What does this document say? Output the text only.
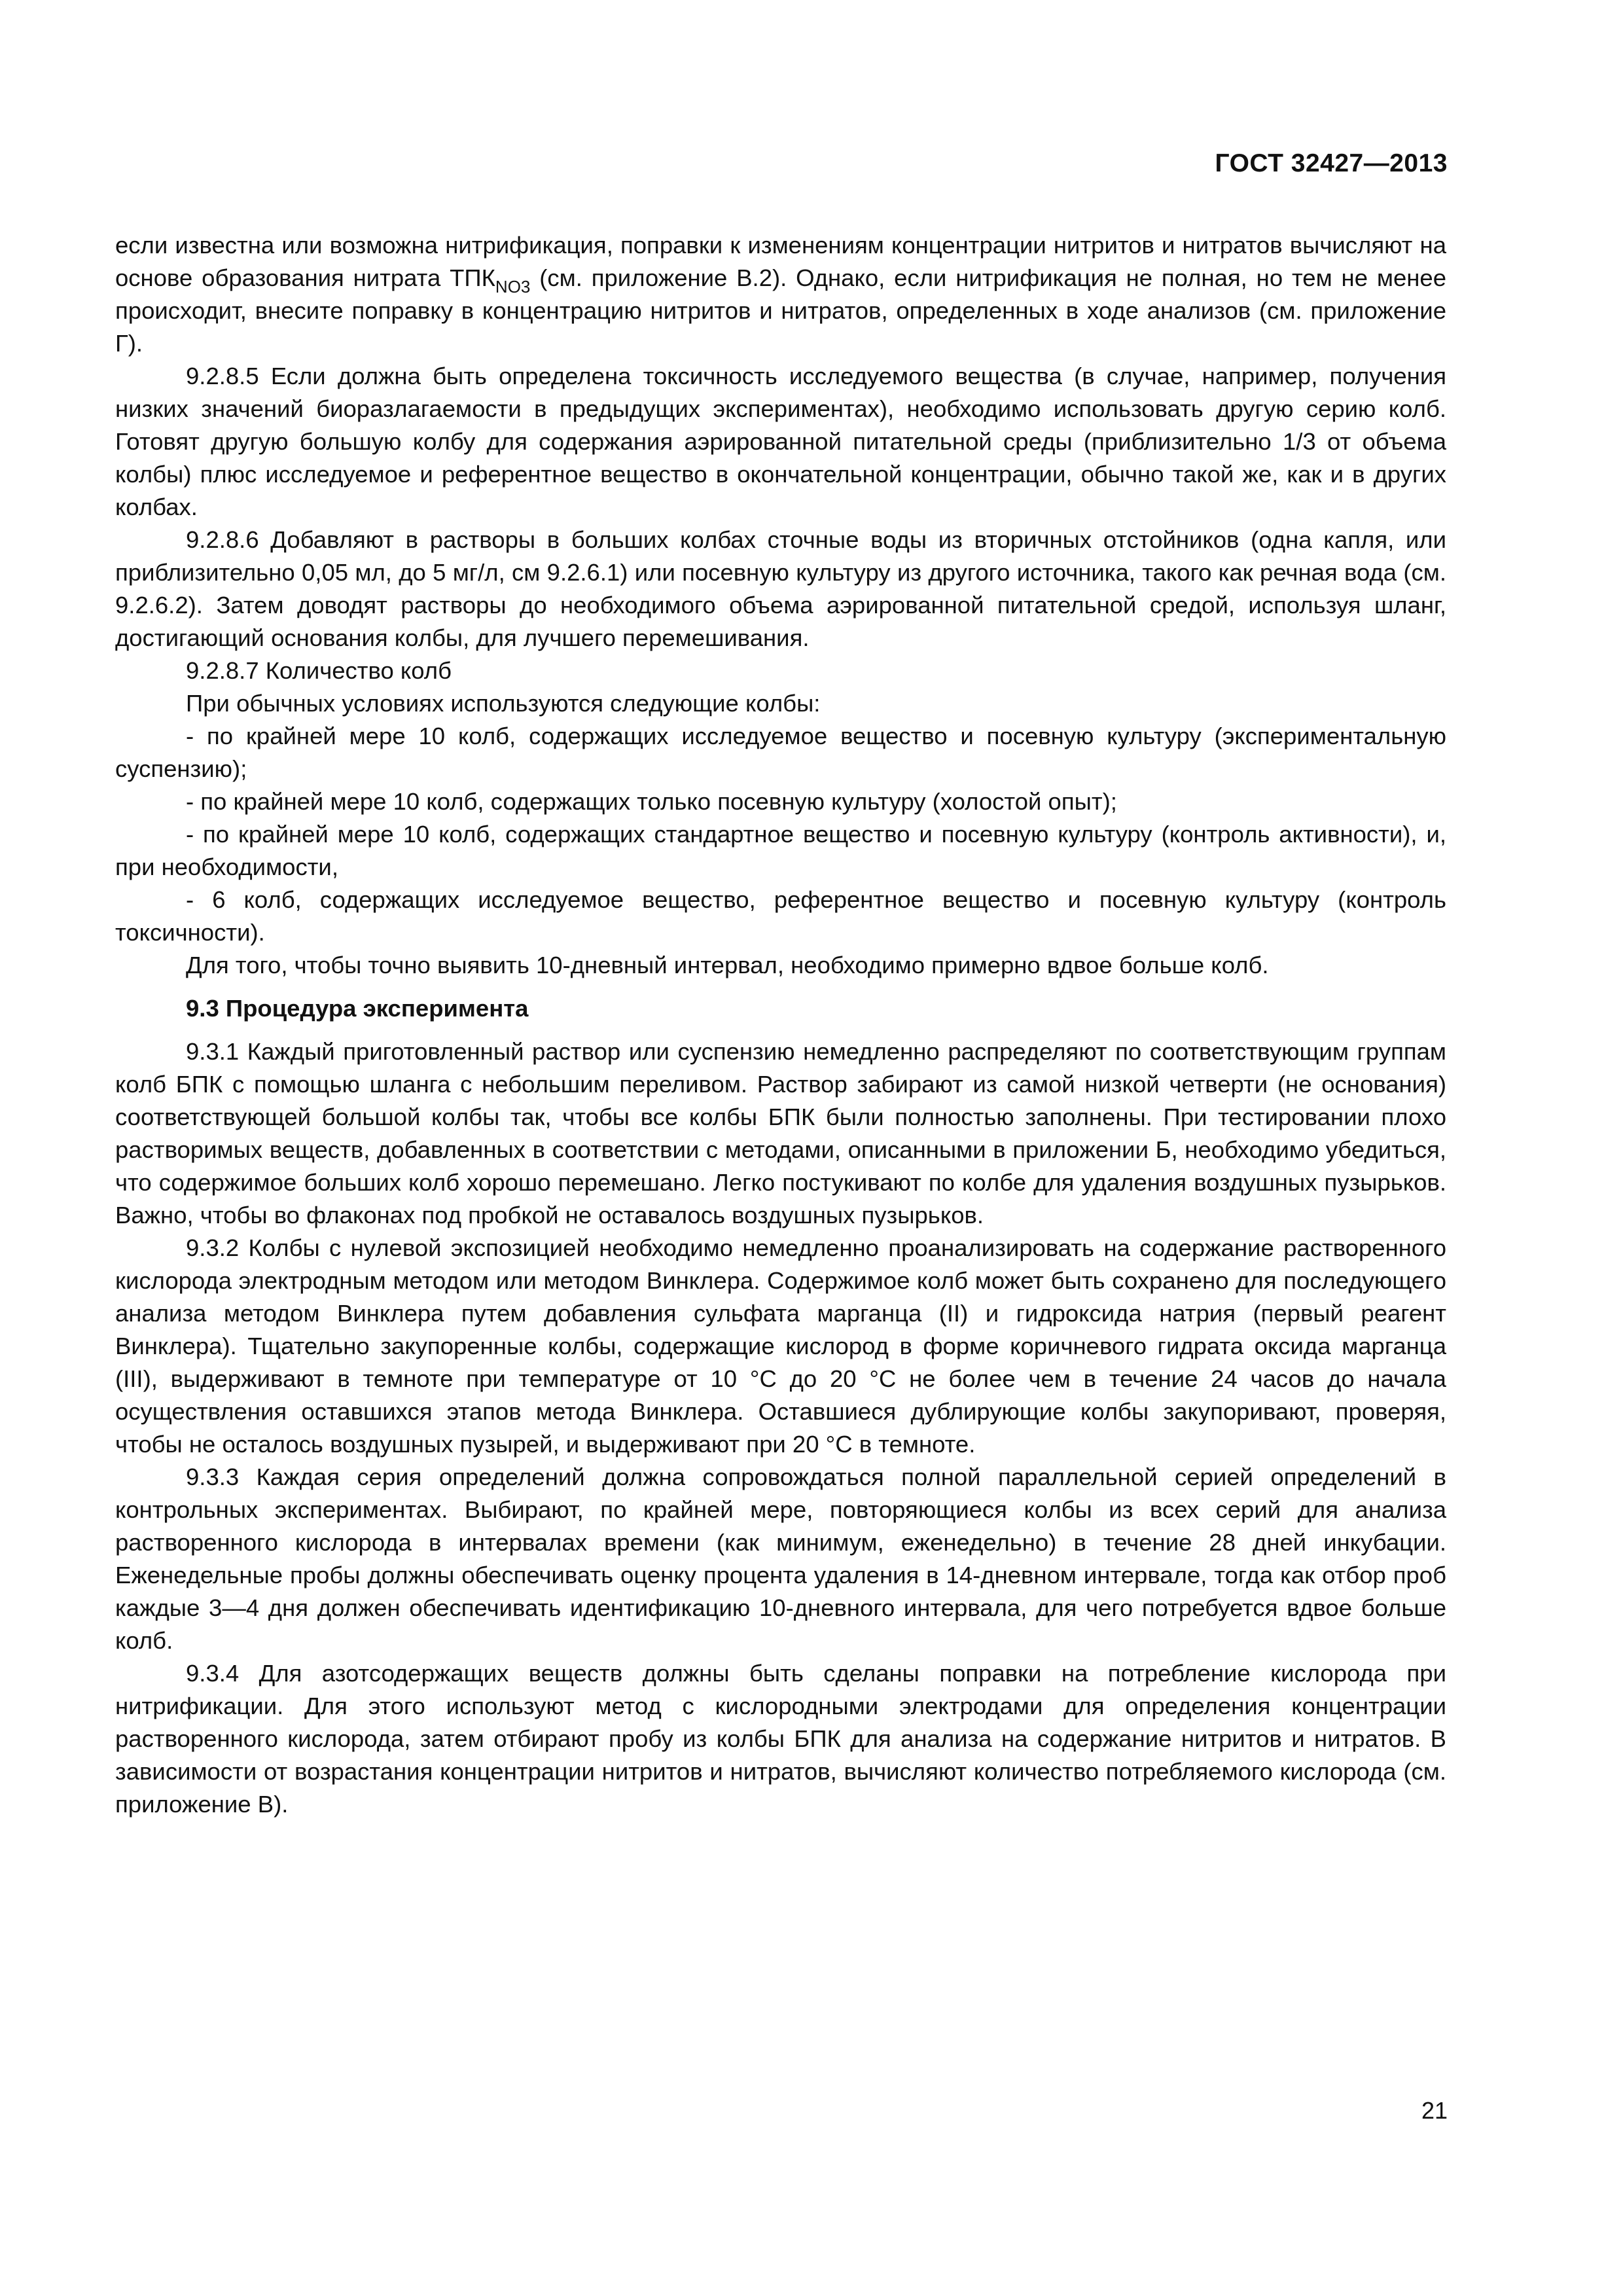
ГОСТ 32427—2013

если известна или возможна нитрификация, поправки к изменениям концентрации нитритов и нитратов вычисляют на основе образования нитрата $ТПК_{NO3}$ (см. приложение В.2). Однако, если нитрификация не полная, но тем не менее происходит, внесите поправку в концентрацию нитритов и нитратов, определенных в ходе анализов (см. приложение Г).

9.2.8.5 Если должна быть определена токсичность исследуемого вещества (в случае, например, получения низких значений биоразлагаемости в предыдущих экспериментах), необходимо использовать другую серию колб. Готовят другую большую колбу для содержания аэрированной питательной среды (приблизительно 1/3 от объема колбы) плюс исследуемое и референтное вещество в окончательной концентрации, обычно такой же, как и в других колбах.

9.2.8.6 Добавляют в растворы в больших колбах сточные воды из вторичных отстойников (одна капля, или приблизительно 0,05 мл, до 5 мг/л, см 9.2.6.1) или посевную культуру из другого источника, такого как речная вода (см. 9.2.6.2). Затем доводят растворы до необходимого объема аэрированной питательной средой, используя шланг, достигающий основания колбы, для лучшего перемешивания.

9.2.8.7 Количество колб

При обычных условиях используются следующие колбы:

- по крайней мере 10 колб, содержащих исследуемое вещество и посевную культуру (экспериментальную суспензию);

- по крайней мере 10 колб, содержащих только посевную культуру (холостой опыт);

- по крайней мере 10 колб, содержащих стандартное вещество и посевную культуру (контроль активности), и, при необходимости,

- 6 колб, содержащих исследуемое вещество, референтное вещество и посевную культуру (контроль токсичности).

Для того, чтобы точно выявить 10-дневный интервал, необходимо примерно вдвое больше колб.

9.3 Процедура эксперимента

9.3.1 Каждый приготовленный раствор или суспензию немедленно распределяют по соответствующим группам колб БПК с помощью шланга с небольшим переливом. Раствор забирают из самой низкой четверти (не основания) соответствующей большой колбы так, чтобы все колбы БПК были полностью заполнены. При тестировании плохо растворимых веществ, добавленных в соответствии с методами, описанными в приложении Б, необходимо убедиться, что содержимое больших колб хорошо перемешано. Легко постукивают по колбе для удаления воздушных пузырьков. Важно, чтобы во флаконах под пробкой не оставалось воздушных пузырьков.

9.3.2 Колбы с нулевой экспозицией необходимо немедленно проанализировать на содержание растворенного кислорода электродным методом или методом Винклера. Содержимое колб может быть сохранено для последующего анализа методом Винклера путем добавления сульфата марганца (II) и гидроксида натрия (первый реагент Винклера). Тщательно закупоренные колбы, содержащие кислород в форме коричневого гидрата оксида марганца (III), выдерживают в темноте при температуре от 10 °С до 20 °С не более чем в течение 24 часов до начала осуществления оставшихся этапов метода Винклера. Оставшиеся дублирующие колбы закупоривают, проверяя, чтобы не осталось воздушных пузырей, и выдерживают при 20 °С в темноте.

9.3.3 Каждая серия определений должна сопровождаться полной параллельной серией определений в контрольных экспериментах. Выбирают, по крайней мере, повторяющиеся колбы из всех серий для анализа растворенного кислорода в интервалах времени (как минимум, еженедельно) в течение 28 дней инкубации. Еженедельные пробы должны обеспечивать оценку процента удаления в 14-дневном интервале, тогда как отбор проб каждые 3—4 дня должен обеспечивать идентификацию 10-дневного интервала, для чего потребуется вдвое больше колб.

9.3.4 Для азотсодержащих веществ должны быть сделаны поправки на потребление кислорода при нитрификации. Для этого используют метод с кислородными электродами для определения концентрации растворенного кислорода, затем отбирают пробу из колбы БПК для анализа на содержание нитритов и нитратов. В зависимости от возрастания концентрации нитритов и нитратов, вычисляют количество потребляемого кислорода (см. приложение В).

21
